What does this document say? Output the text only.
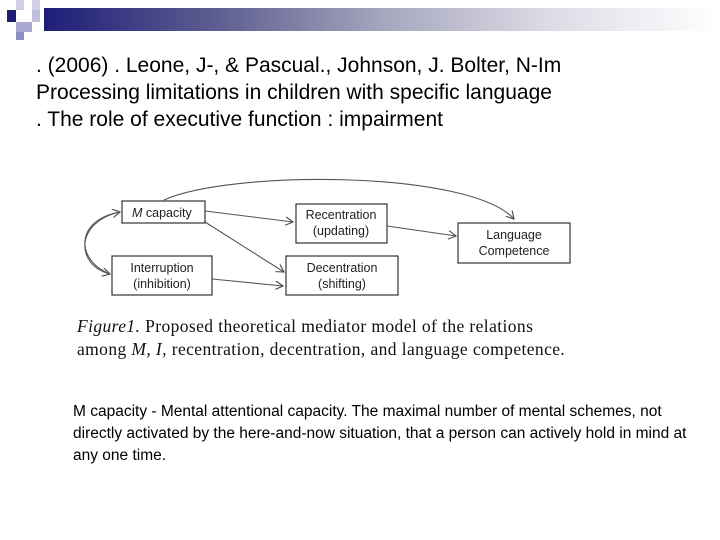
. (2006) . Leone, J-, & Pascual., Johnson, J. Bolter, N-Im
Processing limitations in children with specific language
. The role of executive function : impairment
M capacity	Recentration
(updating)	Language
Competence
Interruption
(inhibition)
Decentration
(shifting)
Figure1. Proposed theoretical mediator model of the relations
among M, I, recentration, decentration, and language competence.
M capacity - Mental attentional capacity. The maximal number of mental schemes, not directly activated by the here-and-now situation, that a person can actively hold in mind at any one time.
